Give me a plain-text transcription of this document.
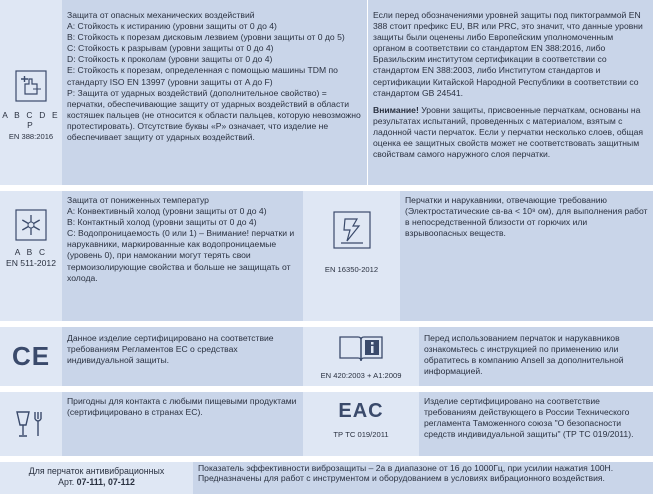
A B C D E P
EN 388:2016

Защита от опасных механических воздействий

A: Стойкость к истиранию (уровни защиты от 0 до 4)

B: Стойкость к порезам дисковым лезвием (уровни защиты от 0 до 5)

C: Стойкость к разрывам (уровни защиты от 0 до 4)

D: Стойкость к проколам (уровни защиты от 0 до 4)

E: Стойкость к порезам, определенная с помощью машины TDM по стандарту ISO EN 13997 (уровни защиты от A до F)

P: Защита от ударных воздействий (дополнительное свойство) = перчатки, обеспечивающие защиту от ударных воздействий в области костяшек пальцев (не относится к области пальцев, которую невозможно протестировать). Отсутствие буквы «P» означает, что изделие не обеспечивает защиту от ударных воздействий.

Если перед обозначениями уровней защиты под пиктограммой EN 388 стоит префикс EU, BR или PRC, это значит, что данные уровни защиты были оценены либо Европейским уполномоченным органом в соответствии со стандартом EN 388:2016, либо Бразильским институтом сертификации в соответствии со стандартом EN 388:2003, либо Институтом стандартов и сертификации Китайской Народной Республики в соответствии со стандартом GB 24541.

Внимание! Уровни защиты, присвоенные перчаткам, основаны на результатах испытаний, проведенных с материалом, взятым с ладонной части перчаток. Если у перчатки несколько слоев, общая оценка ее защитных свойств может не соответствовать защитным свойствам самого наружного слоя перчатки.

A B C
EN 511-2012

Защита от пониженных температур

A: Конвективный холод (уровни защиты от 0 до 4)

B: Контактный холод (уровни защиты от 0 до 4)

C: Водопроницаемость (0 или 1) – Внимание! перчатки и нарукавники, маркированные как водопроницаемые (уровень 0), при намокании могут терять свои термоизолирующие свойства и больше не защищать от холода.

EN 16350-2012

Перчатки и нарукавники, отвечающие требованию (Электростатические св-ва < 10⁸ ом), для выполнения работ в непосредственной близости от горючих или взрывоопасных веществ.

CE

Данное изделие сертифицировано на соответствие требованиям Регламентов ЕС о средствах индивидуальной защиты.

EN 420:2003 + A1:2009

Перед использованием перчаток и нарукавников ознакомьтесь с инструкцией по применению или обратитесь в компанию Ansell за дополнительной информацией.

Пригодны для контакта с любыми пищевыми продуктами (сертифицировано в странах ЕС).	EAC
ТР ТС 019/2011

Изделие сертифицировано на соответствие требованиям действующего в России Технического регламента Таможенного союза "О безопасности средств индивидуальной защиты" (ТР ТС 019/2011).

Для перчаток антивибрационных
Арт. 07-111, 07-112

Показатель эффективности виброзащиты – 2а в диапазоне от 16 до 1000Гц, при усилии нажатия 100Н. Предназначены для работ с инструментом и оборудованием в условиях вибрационного воздействия.
